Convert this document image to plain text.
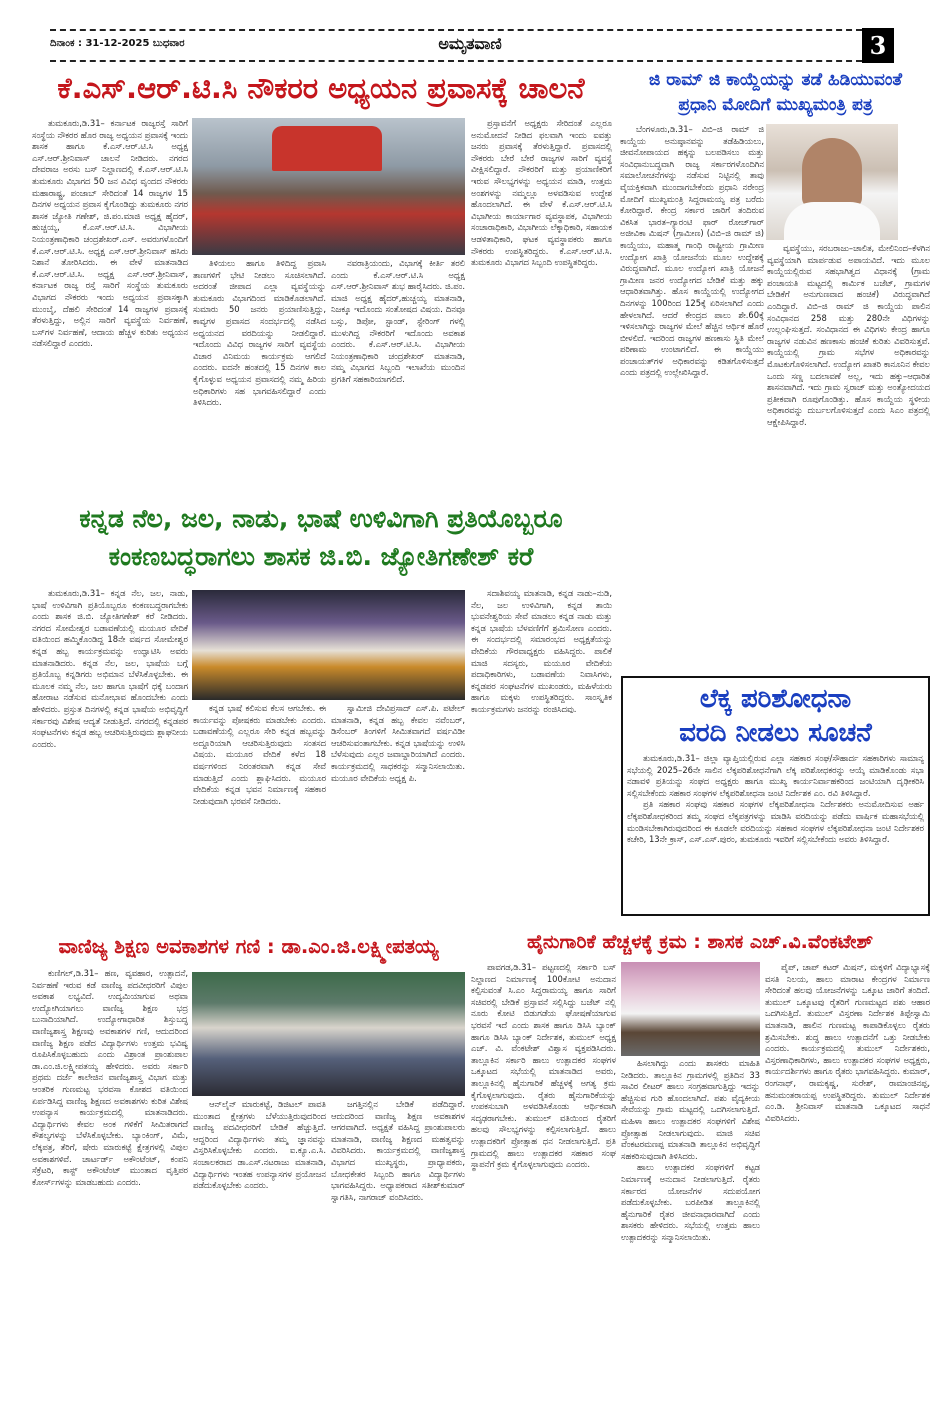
ದಿನಾಂಕ : 31-12-2025 ಬುಧವಾರ	ಅಮೃತವಾಣಿ	3
ಕೆ.ಎಸ್.ಆರ್.ಟಿ.ಸಿ ನೌಕರರ ಅಧ್ಯಯನ ಪ್ರವಾಸಕ್ಕೆ ಚಾಲನೆ

ತುಮಕೂರು,ಡಿ.31– ಕರ್ನಾಟಕ ರಾಜ್ಯರಸ್ತೆ ಸಾರಿಗೆ ಸಂಸ್ಥೆಯ ನೌಕರರ ಹೊರ ರಾಜ್ಯ ಅಧ್ಯಯನ ಪ್ರವಾಸಕ್ಕೆ ಇಂದು ಶಾಸಕ ಹಾಗೂ ಕೆ.ಎಸ್.ಆರ್.ಟಿ.ಸಿ ಅಧ್ಯಕ್ಷ ಎಸ್.ಆರ್.ಶ್ರೀನಿವಾಸ್ ಚಾಲನೆ ನೀಡಿದರು. ನಗರದ ದೇವರಾಜ ಅರಸು ಬಸ್ ನಿಲ್ದಾಣದಲ್ಲಿ ಕೆ.ಎಸ್.ಆರ್.ಟಿ.ಸಿ ತುಮಕೂರು ವಿಭಾಗದ 50 ಜನ ವಿವಿಧ ವೃಂದದ ನೌಕರರು ಮಹಾರಾಷ್ಟ್ರ, ಪಂಜಾಬ್ ಸೇರಿದಂತೆ 14 ರಾಜ್ಯಗಳ 15 ದಿನಗಳ ಅಧ್ಯಯನ ಪ್ರವಾಸ ಕೈಗೊಂಡಿದ್ದು ತುಮಕೂರು ನಗರ ಶಾಸಕ ಜ್ಯೋತಿ ಗಣೇಶ್, ಜಿ.ಪಂ.ಮಾಜಿ ಅಧ್ಯಕ್ಷ ಹೈದರ್, ಹುಚ್ಚಯ್ಯ, ಕೆ.ಎಸ್.ಆರ್.ಟಿ.ಸಿ. ವಿಭಾಗೀಯ ನಿಯಂತ್ರಣಾಧಿಕಾರಿ ಚಂದ್ರಶೇಖರ್.ಎಸ್. ಅವರುಗಳೊಂದಿಗೆ ಕೆ.ಎಸ್.ಆರ್.ಟಿ.ಸಿ. ಅಧ್ಯಕ್ಷ ಎಸ್.ಆರ್.ಶ್ರೀನಿವಾಸ್ ಹಸಿರು ನಿಶಾನೆ ತೋರಿಸಿದರು. ಈ ವೇಳೆ ಮಾತನಾಡಿದ ಕೆ.ಎಸ್.ಆರ್.ಟಿ.ಸಿ. ಅಧ್ಯಕ್ಷ ಎಸ್.ಆರ್.ಶ್ರೀನಿವಾಸ್, ಕರ್ನಾಟಕ ರಾಜ್ಯ ರಸ್ತೆ ಸಾರಿಗೆ ಸಂಸ್ಥೆಯ ತುಮಕೂರು ವಿಭಾಗದ ನೌಕರರು ಇಂದು ಅಧ್ಯಯನ ಪ್ರವಾಸಕ್ಕಾಗಿ ಮುಂಬೈ, ದೆಹಲಿ ಸೇರಿದಂತೆ 14 ರಾಜ್ಯಗಳ ಪ್ರವಾಸಕ್ಕೆ ತೆರಳುತ್ತಿದ್ದು, ಅಲ್ಲಿನ ಸಾರಿಗೆ ವ್ಯವಸ್ಥೆಯ ನಿರ್ವಹಣೆ, ಬಸ್‌ಗಳ ನಿರ್ವಹಣೆ, ಆದಾಯ ಹೆಚ್ಚಳ ಕುರಿತು ಅಧ್ಯಯನ ನಡೆಸಲಿದ್ದಾರೆ ಎಂದರು.

ತಿಳಿಯಲು ಹಾಗೂ ತಿಳಿದಿದ್ದ ಪ್ರವಾಸಿ ತಾಣಗಳಿಗೆ ಭೇಟಿ ನೀಡಲು ಸೂಚಿಸಲಾಗಿದೆ. ಅದರಂತೆ ಜೀಪಾದ ಎಲ್ಲಾ ವ್ಯವಸ್ಥೆಯನ್ನು ತುಮಕೂರು ವಿಭಾಗದಿಂದ ಮಾಡಿಕೊಡಲಾಗಿದೆ. ಸುಮಾರು 50 ಜನರು ಪ್ರಯಾಣಿಸುತ್ತಿದ್ದು, ಕಾವ್ಯಗಳ ಪ್ರವಾಸದ ಸಂದರ್ಭದಲ್ಲಿ ನಡೆಸಿದ ಅಧ್ಯಯನದ ವರದಿಯನ್ನು ನೀಡಲಿದ್ದಾರೆ. ಇದೊಂದು ವಿವಿಧ ರಾಜ್ಯಗಳ ಸಾರಿಗೆ ವ್ಯವಸ್ಥೆಯ ವಿಚಾರ ವಿನಿಮಯ ಕಾರ್ಯಕ್ರಮ ಆಗಲಿದೆ ಎಂದರು. ಐದನೇ ಹಂತದಲ್ಲಿ 15 ದಿನಗಳ ಕಾಲ ಕೈಗೊಳ್ಳುವ ಅಧ್ಯಯನ ಪ್ರವಾಸದಲ್ಲಿ ನಮ್ಮ ಹಿರಿಯ ಅಧಿಕಾರಿಗಳು ಸಹ ಭಾಗವಹಿಸಲಿದ್ದಾರೆ ಎಂದು ತಿಳಿಸಿದರು.

ನವರಾತ್ರಿಯಂದು, ವಿಭಾಗಕ್ಕೆ ಕೀರ್ತಿ ತರಲಿ ಎಂದು ಕೆ.ಎಸ್.ಆರ್.ಟಿ.ಸಿ ಅಧ್ಯಕ್ಷ ಎಸ್.ಆರ್.ಶ್ರೀನಿವಾಸ್ ಶುಭ ಹಾರೈಸಿದರು. ಜಿ.ಪಂ. ಮಾಜಿ ಅಧ್ಯಕ್ಷ ಹೈದರ್,ಹುಚ್ಚಯ್ಯ ಮಾತನಾಡಿ, ನಿಜಕ್ಕೂ ಇದೊಂದು ಸಂತೋಷದ ವಿಷಯ. ದಿನವೂ ಬಸ್ಸು, ಡಿಪೋ, ಸ್ಟಾಂಡ್, ಸ್ಟೇರಿಂಗ್ ಗಳಲ್ಲಿ ಮುಳುಗಿದ್ದ ನೌಕರರಿಗೆ ಇದೊಂದು ಅವಕಾಶ ಎಂದರು. ಕೆ.ಎಸ್.ಆರ್.ಟಿ.ಸಿ. ವಿಭಾಗೀಯ ನಿಯಂತ್ರಣಾಧಿಕಾರಿ ಚಂದ್ರಶೇಖರ್ ಮಾತನಾಡಿ, ನಮ್ಮ ವಿಭಾಗದ ಸಿಬ್ಬಂದಿ ಇಲಾಖೆಯ ಮುಂದಿನ ಪ್ರಗತಿಗೆ ಸಹಕಾರಿಯಾಗಲಿದೆ.

ಪ್ರಸ್ತಾವನೆಗೆ ಅಧ್ಯಕ್ಷರು ಸೇರಿದಂತೆ ಎಲ್ಲರೂ ಅನುಮೋದನೆ ನೀಡಿದ ಫಲವಾಗಿ ಇಂದು ಐವತ್ತು ಜನರು ಪ್ರವಾಸಕ್ಕೆ ತೆರಳುತ್ತಿದ್ದಾರೆ. ಪ್ರವಾಸದಲ್ಲಿ ನೌಕರರು ಬೇರೆ ಬೇರೆ ರಾಜ್ಯಗಳ ಸಾರಿಗೆ ವ್ಯವಸ್ಥೆ ವೀಕ್ಷಿಸಲಿದ್ದಾರೆ. ನೌಕರರಿಗೆ ಮತ್ತು ಪ್ರಯಾಣಿಕರಿಗೆ ಇರುವ ಸೌಲಭ್ಯಗಳನ್ನು ಅಧ್ಯಯನ ಮಾಡಿ, ಉತ್ತಮ ಅಂಶಗಳನ್ನು ನಮ್ಮಲ್ಲೂ ಅಳವಡಿಸುವ ಉದ್ದೇಶ ಹೊಂದಲಾಗಿದೆ. ಈ ವೇಳೆ ಕೆ.ಎಸ್.ಆರ್.ಟಿ.ಸಿ ವಿಭಾಗೀಯ ಕಾರ್ಯಾಗಾರ ವ್ಯವಸ್ಥಾಪಕ, ವಿಭಾಗೀಯ ಸಂಚಾರಾಧಿಕಾರಿ, ವಿಭಾಗೀಯ ಲೆಕ್ಕಾಧಿಕಾರಿ, ಸಹಾಯಕ ಆಡಳಿತಾಧಿಕಾರಿ, ಘಟಕ ವ್ಯವಸ್ಥಾಪಕರು ಹಾಗೂ ನೌಕರರು ಉಪಸ್ಥಿತರಿದ್ದರು. ಕೆ.ಎಸ್.ಆರ್.ಟಿ.ಸಿ. ತುಮಕೂರು ವಿಭಾಗದ ಸಿಬ್ಬಂದಿ ಉಪಸ್ಥಿತರಿದ್ದರು.

ಜಿ ರಾಮ್ ಜಿ ಕಾಯ್ದೆಯನ್ನು ತಡೆ ಹಿಡಿಯುವಂತೆ
ಪ್ರಧಾನಿ ಮೋದಿಗೆ ಮುಖ್ಯಮಂತ್ರಿ ಪತ್ರ

ಬೆಂಗಳೂರು,ಡಿ.31– ವಿಬಿ–ಜಿ ರಾಮ್ ಜಿ ಕಾಯ್ದೆಯ ಅನುಷ್ಠಾನವನ್ನು ತಡೆಹಿಡಿಯಲು, ಜೀವನೋಪಾಯದ ಹಕ್ಕನ್ನು ಬಲಪಡಿಸಲು ಮತ್ತು ಸಂವಿಧಾನುಬದ್ಧವಾಗಿ ರಾಜ್ಯ ಸರ್ಕಾರಗಳೊಂದಿಗಿನ ಸಮಾಲೋಚನೆಗಳನ್ನು ನಡೆಸುವ ನಿಟ್ಟಿನಲ್ಲಿ ತಾವು ವೈಯಕ್ತಿಕವಾಗಿ ಮುಂದಾಗಬೇಕೆಂದು ಪ್ರಧಾನಿ ನರೇಂದ್ರ ಮೋದಿಗೆ ಮುಖ್ಯಮಂತ್ರಿ ಸಿದ್ದರಾಮಯ್ಯ ಪತ್ರ ಬರೆದು ಕೋರಿದ್ದಾರೆ. ಕೇಂದ್ರ ಸರ್ಕಾರ ಜಾರಿಗೆ ತಂದಿರುವ ವಿಕಸಿತ ಭಾರತ–ಗ್ಯಾರಂಟಿ ಫಾರ್ ರೋಜ್‌ಗಾರ್ ಅಜೀವಿಕಾ ಮಿಷನ್ (ಗ್ರಾಮೀಣ) (ವಿಬಿ–ಜಿ ರಾಮ್ ಜಿ) ಕಾಯ್ದೆಯು, ಮಹಾತ್ಮ ಗಾಂಧಿ ರಾಷ್ಟ್ರೀಯ ಗ್ರಾಮೀಣ ಉದ್ಯೋಗ ಖಾತ್ರಿ ಯೋಜನೆಯ ಮೂಲ ಉದ್ದೇಶಕ್ಕೆ ವಿರುದ್ಧವಾಗಿದೆ. ಮೂಲ ಉದ್ಯೋಗ ಖಾತ್ರಿ ಯೋಜನೆ ಗ್ರಾಮೀಣ ಜನರ ಉದ್ಯೋಗದ ಬೇಡಿಕೆ ಮತ್ತು ಹಕ್ಕು ಆಧಾರಿತವಾಗಿತ್ತು. ಹೊಸ ಕಾಯ್ದೆಯಲ್ಲಿ ಉದ್ಯೋಗದ ದಿನಗಳನ್ನು 100ರಿಂದ 125ಕ್ಕೆ ಏರಿಸಲಾಗಿದೆ ಎಂದು ಹೇಳಲಾಗಿದೆ. ಆದರೆ ಕೇಂದ್ರದ ಪಾಲು ಶೇ.60ಕ್ಕೆ ಇಳಿಸಲಾಗಿದ್ದು ರಾಜ್ಯಗಳ ಮೇಲೆ ಹೆಚ್ಚಿನ ಆರ್ಥಿಕ ಹೊರೆ ಬೀಳಲಿದೆ. ಇದರಿಂದ ರಾಜ್ಯಗಳ ಹಣಕಾಸು ಸ್ಥಿತಿ ಮೇಲೆ ಪರಿಣಾಮ ಉಂಟಾಗಲಿದೆ. ಈ ಕಾಯ್ದೆಯು ಪಂಚಾಯತ್‌ಗಳ ಅಧಿಕಾರವನ್ನು ಕಡಿತಗೊಳಿಸುತ್ತದೆ ಎಂದು ಪತ್ರದಲ್ಲಿ ಉಲ್ಲೇಖಿಸಿದ್ದಾರೆ.

ವ್ಯವಸ್ಥೆಯು, ಸರಬರಾಜು–ಚಾಲಿತ, ಮೇಲಿನಿಂದ–ಕೆಳಗಿನ ವ್ಯವಸ್ಥೆಯಾಗಿ ಮಾರ್ಪಡುವ ಅಪಾಯವಿದೆ. ಇದು ಮೂಲ ಕಾಯ್ದೆಯಲ್ಲಿರುವ ಸಹಭಾಗಿತ್ವದ ವಿಧಾನಕ್ಕೆ (ಗ್ರಾಮ ಪಂಚಾಯತಿ ಮಟ್ಟದಲ್ಲಿ ಕಾರ್ಮಿಕ ಬಜೆಟ್, ಗ್ರಾಮಗಳ ಬೇಡಿಕೆಗೆ ಅನುಗುಣವಾದ ಹಂಚಿಕೆ) ವಿರುದ್ಧವಾಗಿದೆ ಎಂದಿದ್ದಾರೆ. ವಿಬಿ–ಜಿ ರಾಮ್ ಜಿ ಕಾಯ್ದೆಯ ಪಾಲಿನ ಸಂವಿಧಾನದ 258 ಮತ್ತು 280ನೇ ವಿಧಿಗಳನ್ನು ಉಲ್ಲಂಘಿಸುತ್ತದೆ. ಸಂವಿಧಾನದ ಈ ವಿಧಿಗಳು ಕೇಂದ್ರ ಹಾಗೂ ರಾಜ್ಯಗಳ ನಡುವಿನ ಹಣಕಾಸು ಹಂಚಿಕೆ ಕುರಿತು ವಿವರಿಸುತ್ತವೆ. ಕಾಯ್ದೆಯಲ್ಲಿ ಗ್ರಾಮ ಸಭೆಗಳ ಅಧಿಕಾರವನ್ನು ಮೊಟಕುಗೊಳಿಸಲಾಗಿದೆ. ಉದ್ಯೋಗ ಖಾತರಿ ಕಾನೂನಿನ ಕೇವಲ ಒಂದು ಸಣ್ಣ ಬದಲಾವಣೆ ಅಲ್ಲ, ಇದು ಹಕ್ಕು–ಆಧಾರಿತ ಶಾಸನವಾಗಿದೆ. ಇದು ಗ್ರಾಮ ಸ್ವರಾಜ್ ಮತ್ತು ಅಂತ್ಯೋದಯದ ಪ್ರತೀಕವಾಗಿ ರೂಪುಗೊಂಡಿತ್ತು. ಹೊಸ ಕಾಯ್ದೆಯ ಸ್ಥಳೀಯ ಅಧಿಕಾರವನ್ನು ದುರ್ಬಲಗೊಳಿಸುತ್ತದೆ ಎಂದು ಸಿಎಂ ಪತ್ರದಲ್ಲಿ ಆಕ್ಷೇಪಿಸಿದ್ದಾರೆ.

ಕನ್ನಡ ನೆಲ, ಜಲ, ನಾಡು, ಭಾಷೆ ಉಳಿವಿಗಾಗಿ ಪ್ರತಿಯೊಬ್ಬರೂ
ಕಂಕಣಬದ್ಧರಾಗಲು ಶಾಸಕ ಜಿ.ಬಿ. ಜ್ಯೋತಿಗಣೇಶ್ ಕರೆ

ತುಮಕೂರು,ಡಿ.31– ಕನ್ನಡ ನೆಲ, ಜಲ, ನಾಡು, ಭಾಷೆ ಉಳಿವಿಗಾಗಿ ಪ್ರತಿಯೊಬ್ಬರೂ ಕಂಕಣಬದ್ಧರಾಗಬೇಕು ಎಂದು ಶಾಸಕ ಜಿ.ಬಿ. ಜ್ಯೋತಿಗಣೇಶ್ ಕರೆ ನೀಡಿದರು. ನಗರದ ಸೋಮೇಶ್ವರ ಬಡಾವಣೆಯಲ್ಲಿ ಮಯೂರ ವೇದಿಕೆ ವತಿಯಿಂದ ಹಮ್ಮಿಕೊಂಡಿದ್ದ 18ನೇ ವರ್ಷದ ಸೋಮೇಶ್ವರ ಕನ್ನಡ ಹಬ್ಬ ಕಾರ್ಯಕ್ರಮವನ್ನು ಉದ್ಘಾಟಿಸಿ ಅವರು ಮಾತನಾಡಿದರು. ಕನ್ನಡ ನೆಲ, ಜಲ, ಭಾಷೆಯ ಬಗ್ಗೆ ಪ್ರತಿಯೊಬ್ಬ ಕನ್ನಡಿಗರು ಅಭಿಮಾನ ಬೆಳೆಸಿಕೊಳ್ಳಬೇಕು. ಈ ಮೂಲಕ ನಮ್ಮ ನೆಲ, ಜಲ ಹಾಗೂ ಭಾಷೆಗೆ ಧಕ್ಕೆ ಬಂದಾಗ ಹೋರಾಟ ನಡೆಸುವ ಮನೋಭಾವ ಹೊಂದಬೇಕು ಎಂದು ಹೇಳಿದರು. ಪ್ರಸ್ತುತ ದಿನಗಳಲ್ಲಿ ಕನ್ನಡ ಭಾಷೆಯ ಅಭಿವೃದ್ಧಿಗೆ ಸರ್ಕಾರವು ವಿಶೇಷ ಆದ್ಯತೆ ನೀಡುತ್ತಿದೆ. ನಗರದಲ್ಲಿ ಕನ್ನಡಪರ ಸಂಘಟನೆಗಳು ಕನ್ನಡ ಹಬ್ಬ ಆಚರಿಸುತ್ತಿರುವುದು ಶ್ಲಾಘನೀಯ ಎಂದರು.

ಕನ್ನಡ ಭಾಷೆ ಕಲಿಸುವ ಕೆಲಸ ಆಗಬೇಕು. ಈ ಕಾರ್ಯವನ್ನು ಪೋಷಕರು ಮಾಡಬೇಕು ಎಂದರು. ಬಡಾವಣೆಯಲ್ಲಿ ಎಲ್ಲರೂ ಸೇರಿ ಕನ್ನಡ ಹಬ್ಬವನ್ನು ಅದ್ದೂರಿಯಾಗಿ ಆಚರಿಸುತ್ತಿರುವುದು ಸಂತಸದ ವಿಷಯ. ಮಯೂರ ವೇದಿಕೆ ಕಳೆದ 18 ವರ್ಷಗಳಿಂದ ನಿರಂತರವಾಗಿ ಕನ್ನಡ ಸೇವೆ ಮಾಡುತ್ತಿದೆ ಎಂದು ಶ್ಲಾಘಿಸಿದರು. ಮಯೂರ ವೇದಿಕೆಯ ಕನ್ನಡ ಭವನ ನಿರ್ಮಾಣಕ್ಕೆ ಸಹಕಾರ ನೀಡುವುದಾಗಿ ಭರವಸೆ ನೀಡಿದರು.

ಸ್ವಾಮೀಜಿ ದೇವಿಪ್ರಸಾದ್ ಎಸ್.ಪಿ. ಪಟೇಲ್ ಮಾತನಾಡಿ, ಕನ್ನಡ ಹಬ್ಬ ಕೇವಲ ನವೆಂಬರ್, ಡಿಸೆಂಬರ್ ತಿಂಗಳಿಗೆ ಸೀಮಿತವಾಗದೆ ವರ್ಷವಿಡೀ ಆಚರಿಸುವಂತಾಗಬೇಕು. ಕನ್ನಡ ಭಾಷೆಯನ್ನು ಉಳಿಸಿ ಬೆಳೆಸುವುದು ಎಲ್ಲರ ಜವಾಬ್ದಾರಿಯಾಗಿದೆ ಎಂದರು. ಕಾರ್ಯಕ್ರಮದಲ್ಲಿ ಸಾಧಕರನ್ನು ಸನ್ಮಾನಿಸಲಾಯಿತು. ಮಯೂರ ವೇದಿಕೆಯ ಅಧ್ಯಕ್ಷ ಪಿ.

ಸದಾಶಿವಯ್ಯ ಮಾತನಾಡಿ, ಕನ್ನಡ ನಾಡು–ನುಡಿ, ನೆಲ, ಜಲ ಉಳಿವಿಗಾಗಿ, ಕನ್ನಡ ತಾಯಿ ಭುವನೇಶ್ವರಿಯ ಸೇವೆ ಮಾಡಲು ಕನ್ನಡ ನಾಡು ಮತ್ತು ಕನ್ನಡ ಭಾಷೆಯ ಬೆಳವಣಿಗೆಗೆ ಶ್ರಮಿಸೋಣ ಎಂದರು. ಈ ಸಂದರ್ಭದಲ್ಲಿ ಸಮಾರಂಭದ ಅಧ್ಯಕ್ಷತೆಯನ್ನು ವೇದಿಕೆಯ ಗೌರವಾಧ್ಯಕ್ಷರು ವಹಿಸಿದ್ದರು. ಪಾಲಿಕೆ ಮಾಜಿ ಸದಸ್ಯರು, ಮಯೂರ ವೇದಿಕೆಯ ಪದಾಧಿಕಾರಿಗಳು, ಬಡಾವಣೆಯ ನಿವಾಸಿಗಳು, ಕನ್ನಡಪರ ಸಂಘಟನೆಗಳ ಮುಖಂಡರು, ಮಹಿಳೆಯರು ಹಾಗೂ ಮಕ್ಕಳು ಉಪಸ್ಥಿತರಿದ್ದರು. ಸಾಂಸ್ಕೃತಿಕ ಕಾರ್ಯಕ್ರಮಗಳು ಜನರನ್ನು ರಂಜಿಸಿದವು.	ಲೆಕ್ಕ ಪರಿಶೋಧನಾ
ವರದಿ ನೀಡಲು ಸೂಚನೆ

ತುಮಕೂರು,ಡಿ.31– ಜಿಲ್ಲಾ ವ್ಯಾಪ್ತಿಯಲ್ಲಿರುವ ಎಲ್ಲಾ ಸಹಕಾರ ಸಂಘ/ಸೌಹಾರ್ದ ಸಹಕಾರಿಗಳು ಸಾಮಾನ್ಯ ಸಭೆಯಲ್ಲಿ 2025–26ನೇ ಸಾಲಿನ ಲೆಕ್ಕಪರಿಶೋಧನೆಗಾಗಿ ಲೆಕ್ಕ ಪರಿಶೋಧಕರನ್ನು ಆಯ್ಕೆ ಮಾಡಿಕೊಂಡು ಸಭಾ ನಡಾವಳಿ ಪ್ರತಿಯನ್ನು ಸಂಘದ ಅಧ್ಯಕ್ಷರು ಹಾಗೂ ಮುಖ್ಯ ಕಾರ್ಯನಿರ್ವಾಹಕರಿಂದ ಜಂಟಿಯಾಗಿ ದೃಢೀಕರಿಸಿ ಸಲ್ಲಿಸಬೇಕೆಂದು ಸಹಕಾರ ಸಂಘಗಳ ಲೆಕ್ಕಪರಿಶೋಧನಾ ಜಂಟಿ ನಿರ್ದೇಶಕ ಎಂ. ರವಿ ತಿಳಿಸಿದ್ದಾರೆ.

ಪ್ರತಿ ಸಹಕಾರ ಸಂಘವು ಸಹಕಾರ ಸಂಘಗಳ ಲೆಕ್ಕಪರಿಶೋಧನಾ ನಿರ್ದೇಶಕರು ಅನುಮೋದಿಸುವ ಅರ್ಹ ಲೆಕ್ಕಪರಿಶೋಧಕರಿಂದ ತಮ್ಮ ಸಂಘದ ಲೆಕ್ಕಪತ್ರಗಳನ್ನು ಮಾಡಿಸಿ ವರದಿಯನ್ನು ಪಡೆದು ವಾರ್ಷಿಕ ಮಹಾಸಭೆಯಲ್ಲಿ ಮಂಡಿಸಬೇಕಾಗಿರುವುದರಿಂದ ಈ ಕೂಡಲೇ ವರದಿಯನ್ನು ಸಹಕಾರ ಸಂಘಗಳ ಲೆಕ್ಕಪರಿಶೋಧನಾ ಜಂಟಿ ನಿರ್ದೇಶಕರ ಕಚೇರಿ, 13ನೇ ಕ್ರಾಸ್, ಎಸ್.ಎಸ್.ಪುರಂ, ತುಮಕೂರು ಇವರಿಗೆ ಸಲ್ಲಿಸಬೇಕೆಂದು ಅವರು ತಿಳಿಸಿದ್ದಾರೆ.

ವಾಣಿಜ್ಯ ಶಿಕ್ಷಣ ಅವಕಾಶಗಳ ಗಣಿ : ಡಾ.ಎಂ.ಜಿ.ಲಕ್ಷ್ಮೀಪತಯ್ಯ

ಕುಣಿಗಲ್,ಡಿ.31– ಹಣ, ವ್ಯವಹಾರ, ಉತ್ಪಾದನೆ, ನಿರ್ವಹಣೆ ಇರುವ ಕಡೆ ವಾಣಿಜ್ಯ ಪದವೀಧರರಿಗೆ ವಿಪುಲ ಅವಕಾಶ ಲಭ್ಯವಿದೆ. ಉದ್ಯಮಿಯಾಗುವ ಅಥವಾ ಉದ್ಯೋಗಿಯಾಗಲು ವಾಣಿಜ್ಯ ಶಿಕ್ಷಣ ಭದ್ರ ಬುನಾದಿಯಾಗಿದೆ. ಉದ್ಯೋಗಾಧಾರಿತ ಶಿಸ್ತುಬದ್ಧ ವಾಣಿಜ್ಯಶಾಸ್ತ್ರ ಶಿಕ್ಷಣವು ಅವಕಾಶಗಳ ಗಣಿ, ಆದುದರಿಂದ ವಾಣಿಜ್ಯ ಶಿಕ್ಷಣ ಪಡೆದ ವಿದ್ಯಾರ್ಥಿಗಳು ಉತ್ತಮ ಭವಿಷ್ಯ ರೂಪಿಸಿಕೊಳ್ಳಬಹುದು ಎಂದು ವಿಶ್ರಾಂತ ಪ್ರಾಂಶುಪಾಲ ಡಾ.ಎಂ.ಜಿ.ಲಕ್ಷ್ಮೀಪತಯ್ಯ ಹೇಳಿದರು. ಅವರು ಸರ್ಕಾರಿ ಪ್ರಥಮ ದರ್ಜೆ ಕಾಲೇಜಿನ ವಾಣಿಜ್ಯಶಾಸ್ತ್ರ ವಿಭಾಗ ಮತ್ತು ಆಂತರಿಕ ಗುಣಮಟ್ಟ ಭರವಸಾ ಕೋಶದ ವತಿಯಿಂದ ಏರ್ಪಡಿಸಿದ್ದ ವಾಣಿಜ್ಯ ಶಿಕ್ಷಣದ ಅವಕಾಶಗಳು ಕುರಿತ ವಿಶೇಷ ಉಪನ್ಯಾಸ ಕಾರ್ಯಕ್ರಮದಲ್ಲಿ ಮಾತನಾಡಿದರು. ವಿದ್ಯಾರ್ಥಿಗಳು ಕೇವಲ ಅಂಕ ಗಳಿಕೆಗೆ ಸೀಮಿತರಾಗದೆ ಕೌಶಲ್ಯಗಳನ್ನು ಬೆಳೆಸಿಕೊಳ್ಳಬೇಕು. ಬ್ಯಾಂಕಿಂಗ್, ವಿಮೆ, ಲೆಕ್ಕಪತ್ರ, ತೆರಿಗೆ, ಷೇರು ಮಾರುಕಟ್ಟೆ ಕ್ಷೇತ್ರಗಳಲ್ಲಿ ವಿಪುಲ ಅವಕಾಶಗಳಿವೆ. ಚಾರ್ಟರ್ಡ್ ಅಕೌಂಟೆಂಟ್, ಕಂಪನಿ ಸೆಕ್ರೆಟರಿ, ಕಾಸ್ಟ್ ಅಕೌಂಟೆಂಟ್ ಮುಂತಾದ ವೃತ್ತಿಪರ ಕೋರ್ಸ್‌ಗಳನ್ನು ಮಾಡಬಹುದು ಎಂದರು.

ಆನ್‌ಲೈನ್ ಮಾರುಕಟ್ಟೆ, ಡಿಜಿಟಲ್ ಪಾವತಿ ಮುಂತಾದ ಕ್ಷೇತ್ರಗಳು ಬೆಳೆಯುತ್ತಿರುವುದರಿಂದ ವಾಣಿಜ್ಯ ಪದವೀಧರರಿಗೆ ಬೇಡಿಕೆ ಹೆಚ್ಚುತ್ತಿದೆ. ಆದ್ದರಿಂದ ವಿದ್ಯಾರ್ಥಿಗಳು ತಮ್ಮ ಜ್ಞಾನವನ್ನು ವಿಸ್ತರಿಸಿಕೊಳ್ಳಬೇಕು ಎಂದರು. ಐ.ಕ್ಯೂ.ಎ.ಸಿ. ಸಂಚಾಲಕರಾದ ಡಾ.ಎಸ್.ನಟರಾಜು ಮಾತನಾಡಿ, ವಿದ್ಯಾರ್ಥಿಗಳು ಇಂತಹ ಉಪನ್ಯಾಸಗಳ ಪ್ರಯೋಜನ ಪಡೆದುಕೊಳ್ಳಬೇಕು ಎಂದರು.

ಜಗತ್ತಿನಲ್ಲಿನ ಬೇಡಿಕೆ ಪಡೆದಿದ್ದಾರೆ. ಆದುದರಿಂದ ವಾಣಿಜ್ಯ ಶಿಕ್ಷಣ ಅವಕಾಶಗಳ ಆಗರವಾಗಿದೆ. ಅಧ್ಯಕ್ಷತೆ ವಹಿಸಿದ್ದ ಪ್ರಾಂಶುಪಾಲರು ಮಾತನಾಡಿ, ವಾಣಿಜ್ಯ ಶಿಕ್ಷಣದ ಮಹತ್ವವನ್ನು ವಿವರಿಸಿದರು. ಕಾರ್ಯಕ್ರಮದಲ್ಲಿ ವಾಣಿಜ್ಯಶಾಸ್ತ್ರ ವಿಭಾಗದ ಮುಖ್ಯಸ್ಥರು, ಪ್ರಾಧ್ಯಾಪಕರು, ಬೋಧಕೇತರ ಸಿಬ್ಬಂದಿ ಹಾಗೂ ವಿದ್ಯಾರ್ಥಿಗಳು ಭಾಗವಹಿಸಿದ್ದರು. ಅಧ್ಯಾಪಕರಾದ ಸತೀಶ್‌ಕುಮಾರ್ ಸ್ವಾಗತಿಸಿ, ನಾಗರಾಜ್ ವಂದಿಸಿದರು.

ಹೈನುಗಾರಿಕೆ ಹೆಚ್ಚಳಕ್ಕೆ ಕ್ರಮ : ಶಾಸಕ ಎಚ್.ವಿ.ವೆಂಕಟೇಶ್

ಪಾವಗಡ,ಡಿ.31– ಪಟ್ಟಣದಲ್ಲಿ ಸರ್ಕಾರಿ ಬಸ್ ನಿಲ್ದಾಣದ ನಿರ್ಮಾಣಕ್ಕೆ 100ಕೋಟಿ ಅನುದಾನ ಕಲ್ಪಿಸುವಂತೆ ಸಿ.ಎಂ ಸಿದ್ದರಾಮಯ್ಯ ಹಾಗೂ ಸಾರಿಗೆ ಸಚಿವರಲ್ಲಿ ಬೇಡಿಕೆ ಪ್ರಸ್ತಾವನೆ ಸಲ್ಲಿಸಿದ್ದು ಬಜೆಟ್ ನಲ್ಲಿ ನೂರು ಕೋಟಿ ಬಿಡುಗಡೆಯ ಘೋಷಣೆಯಾಗುವ ಭರವಸೆ ಇದೆ ಎಂದು ಶಾಸಕ ಹಾಗೂ ಡಿಸಿಸಿ ಬ್ಯಾಂಕ್ ಹಾಗೂ ಡಿಸಿಸಿ ಬ್ಯಾಂಕ್ ನಿರ್ದೇಶಕ, ತುಮುಲ್ ಅಧ್ಯಕ್ಷ ಎಚ್. ವಿ. ವೆಂಕಟೇಶ್ ವಿಶ್ವಾಸ ವ್ಯಕ್ತಪಡಿಸಿದರು. ತಾಲ್ಲೂಕಿನ ಸರ್ಕಾರಿ ಹಾಲು ಉತ್ಪಾದಕರ ಸಂಘಗಳ ಒಕ್ಕೂಟದ ಸಭೆಯಲ್ಲಿ ಮಾತನಾಡಿದ ಅವರು, ತಾಲ್ಲೂಕಿನಲ್ಲಿ ಹೈನುಗಾರಿಕೆ ಹೆಚ್ಚಳಕ್ಕೆ ಅಗತ್ಯ ಕ್ರಮ ಕೈಗೊಳ್ಳಲಾಗುವುದು. ರೈತರು ಹೈನುಗಾರಿಕೆಯನ್ನು ಉಪಕಸುಬಾಗಿ ಅಳವಡಿಸಿಕೊಂಡು ಆರ್ಥಿಕವಾಗಿ ಸದೃಢರಾಗಬೇಕು. ತುಮುಲ್ ವತಿಯಿಂದ ರೈತರಿಗೆ ಹಲವು ಸೌಲಭ್ಯಗಳನ್ನು ಕಲ್ಪಿಸಲಾಗುತ್ತಿದೆ. ಹಾಲು ಉತ್ಪಾದಕರಿಗೆ ಪ್ರೋತ್ಸಾಹ ಧನ ನೀಡಲಾಗುತ್ತಿದೆ. ಪ್ರತಿ ಗ್ರಾಮದಲ್ಲಿ ಹಾಲು ಉತ್ಪಾದಕರ ಸಹಕಾರ ಸಂಘ ಸ್ಥಾಪನೆಗೆ ಕ್ರಮ ಕೈಗೊಳ್ಳಲಾಗುವುದು ಎಂದರು.

ಪೈಪ್, ಚಾಪ್ ಕಟರ್ ಮಿಷನ್, ಮಕ್ಕಳಿಗೆ ವಿದ್ಯಾಭ್ಯಾಸಕ್ಕೆ ವಸತಿ ನಿಲಯ, ಹಾಲು ಮಾರಾಟ ಕೇಂದ್ರಗಳ ನಿರ್ಮಾಣ ಸೇರಿದಂತೆ ಹಲವು ಯೋಜನೆಗಳನ್ನು ಒಕ್ಕೂಟ ಜಾರಿಗೆ ತಂದಿದೆ. ತುಮುಲ್ ಒಕ್ಕೂಟವು ರೈತರಿಗೆ ಗುಣಮಟ್ಟದ ಪಶು ಆಹಾರ ಒದಗಿಸುತ್ತಿದೆ. ತುಮುಲ್ ವಿಸ್ತರಣಾ ನಿರ್ದೇಶಕ ತಿಪ್ಪೇಸ್ವಾಮಿ ಮಾತನಾಡಿ, ಹಾಲಿನ ಗುಣಮಟ್ಟ ಕಾಪಾಡಿಕೊಳ್ಳಲು ರೈತರು ಶ್ರಮಿಸಬೇಕು. ಶುದ್ಧ ಹಾಲು ಉತ್ಪಾದನೆಗೆ ಒತ್ತು ನೀಡಬೇಕು ಎಂದರು. ಕಾರ್ಯಕ್ರಮದಲ್ಲಿ ತುಮುಲ್ ನಿರ್ದೇಶಕರು, ವಿಸ್ತರಣಾಧಿಕಾರಿಗಳು, ಹಾಲು ಉತ್ಪಾದಕರ ಸಂಘಗಳ ಅಧ್ಯಕ್ಷರು, ಕಾರ್ಯದರ್ಶಿಗಳು ಹಾಗೂ ರೈತರು ಭಾಗವಹಿಸಿದ್ದರು. ಕುಮಾರ್, ರಂಗನಾಥ್, ರಾಮಕೃಷ್ಣ, ಸುರೇಶ್, ರಾಮಾಂಜಿನಪ್ಪ, ಹನುಮಂತರಾಯಪ್ಪ ಉಪಸ್ಥಿತರಿದ್ದರು. ತುಮುಲ್ ನಿರ್ದೇಶಕ ಎಂ.ಡಿ. ಶ್ರೀನಿವಾಸ್ ಮಾತನಾಡಿ ಒಕ್ಕೂಟದ ಸಾಧನೆ ವಿವರಿಸಿದರು.

ಹಿಸಲಾಗಿದ್ದು ಎಂದು ಶಾಸಕರು ಮಾಹಿತಿ ನೀಡಿದರು. ತಾಲ್ಲೂಕಿನ ಗ್ರಾಮಗಳಲ್ಲಿ ಪ್ರತಿದಿನ 33 ಸಾವಿರ ಲೀಟರ್ ಹಾಲು ಸಂಗ್ರಹವಾಗುತ್ತಿದ್ದು ಇದನ್ನು ಹೆಚ್ಚಿಸುವ ಗುರಿ ಹೊಂದಲಾಗಿದೆ. ಪಶು ವೈದ್ಯಕೀಯ ಸೇವೆಯನ್ನು ಗ್ರಾಮ ಮಟ್ಟದಲ್ಲಿ ಒದಗಿಸಲಾಗುತ್ತಿದೆ. ಮಹಿಳಾ ಹಾಲು ಉತ್ಪಾದಕರ ಸಂಘಗಳಿಗೆ ವಿಶೇಷ ಪ್ರೋತ್ಸಾಹ ನೀಡಲಾಗುವುದು. ಮಾಜಿ ಸಚಿವ ವೆಂಕಟರಮಣಪ್ಪ ಮಾತನಾಡಿ ತಾಲ್ಲೂಕಿನ ಅಭಿವೃದ್ಧಿಗೆ ಸಹಕರಿಸುವುದಾಗಿ ತಿಳಿಸಿದರು.

ಹಾಲು ಉತ್ಪಾದಕರ ಸಂಘಗಳಿಗೆ ಕಟ್ಟಡ ನಿರ್ಮಾಣಕ್ಕೆ ಅನುದಾನ ನೀಡಲಾಗುತ್ತಿದೆ. ರೈತರು ಸರ್ಕಾರದ ಯೋಜನೆಗಳ ಸದುಪಯೋಗ ಪಡೆದುಕೊಳ್ಳಬೇಕು. ಬರಪೀಡಿತ ತಾಲ್ಲೂಕಿನಲ್ಲಿ ಹೈನುಗಾರಿಕೆ ರೈತರ ಜೀವನಾಧಾರವಾಗಿದೆ ಎಂದು ಶಾಸಕರು ಹೇಳಿದರು. ಸಭೆಯಲ್ಲಿ ಉತ್ತಮ ಹಾಲು ಉತ್ಪಾದಕರನ್ನು ಸನ್ಮಾನಿಸಲಾಯಿತು.
